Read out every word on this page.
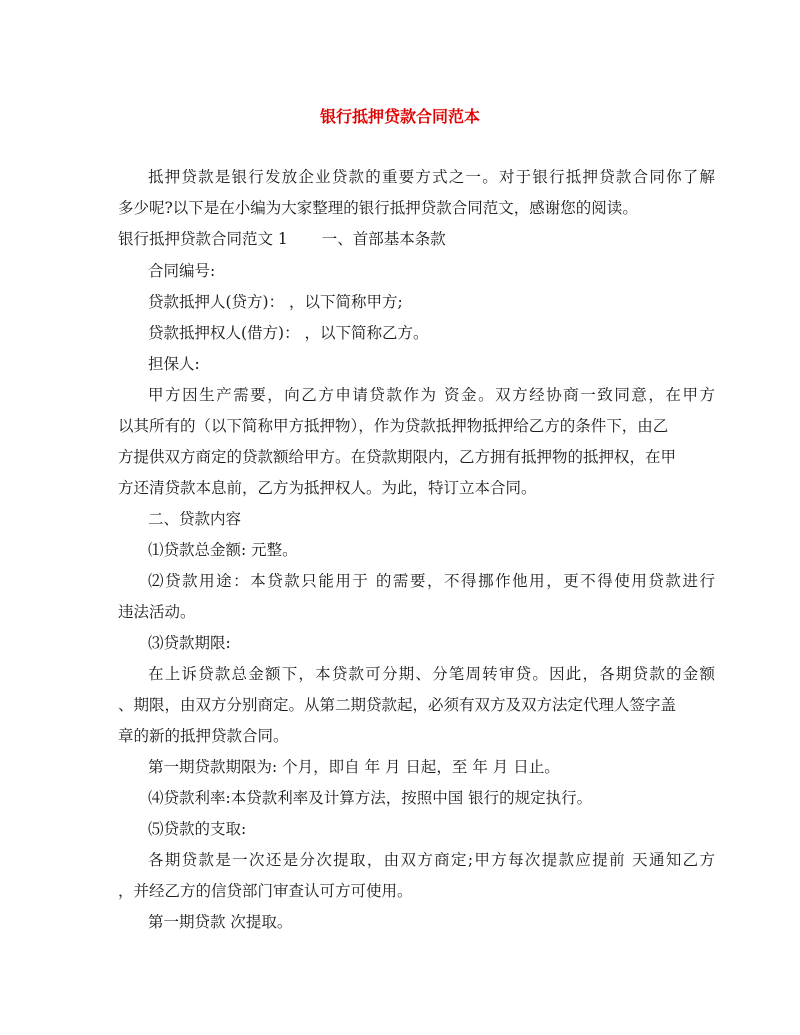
银行抵押贷款合同范本
抵押贷款是银行发放企业贷款的重要方式之一。对于银行抵押贷款合同你了解
多少呢?以下是在小编为大家整理的银行抵押贷款合同范文，感谢您的阅读。
银行抵押贷款合同范文 1 一、首部基本条款
合同编号:
贷款抵押人(贷方)： ，以下简称甲方;
贷款抵押权人(借方)： ，以下简称乙方。
担保人:
甲方因生产需要，向乙方申请贷款作为 资金。双方经协商一致同意，在甲方
以其所有的（以下简称甲方抵押物），作为贷款抵押物抵押给乙方的条件下，由乙
方提供双方商定的贷款额给甲方。在贷款期限内，乙方拥有抵押物的抵押权，在甲
方还清贷款本息前，乙方为抵押权人。为此，特订立本合同。
二、贷款内容
⑴贷款总金额: 元整。
⑵贷款用途：本贷款只能用于 的需要，不得挪作他用，更不得使用贷款进行
违法活动。
⑶贷款期限:
在上诉贷款总金额下，本贷款可分期、分笔周转审贷。因此，各期贷款的金额
、期限，由双方分别商定。从第二期贷款起，必须有双方及双方法定代理人签字盖
章的新的抵押贷款合同。
第一期贷款期限为: 个月，即自 年 月 日起，至 年 月 日止。
⑷贷款利率:本贷款利率及计算方法，按照中国 银行的规定执行。
⑸贷款的支取:
各期贷款是一次还是分次提取，由双方商定;甲方每次提款应提前 天通知乙方
，并经乙方的信贷部门审查认可方可使用。
第一期贷款 次提取。
